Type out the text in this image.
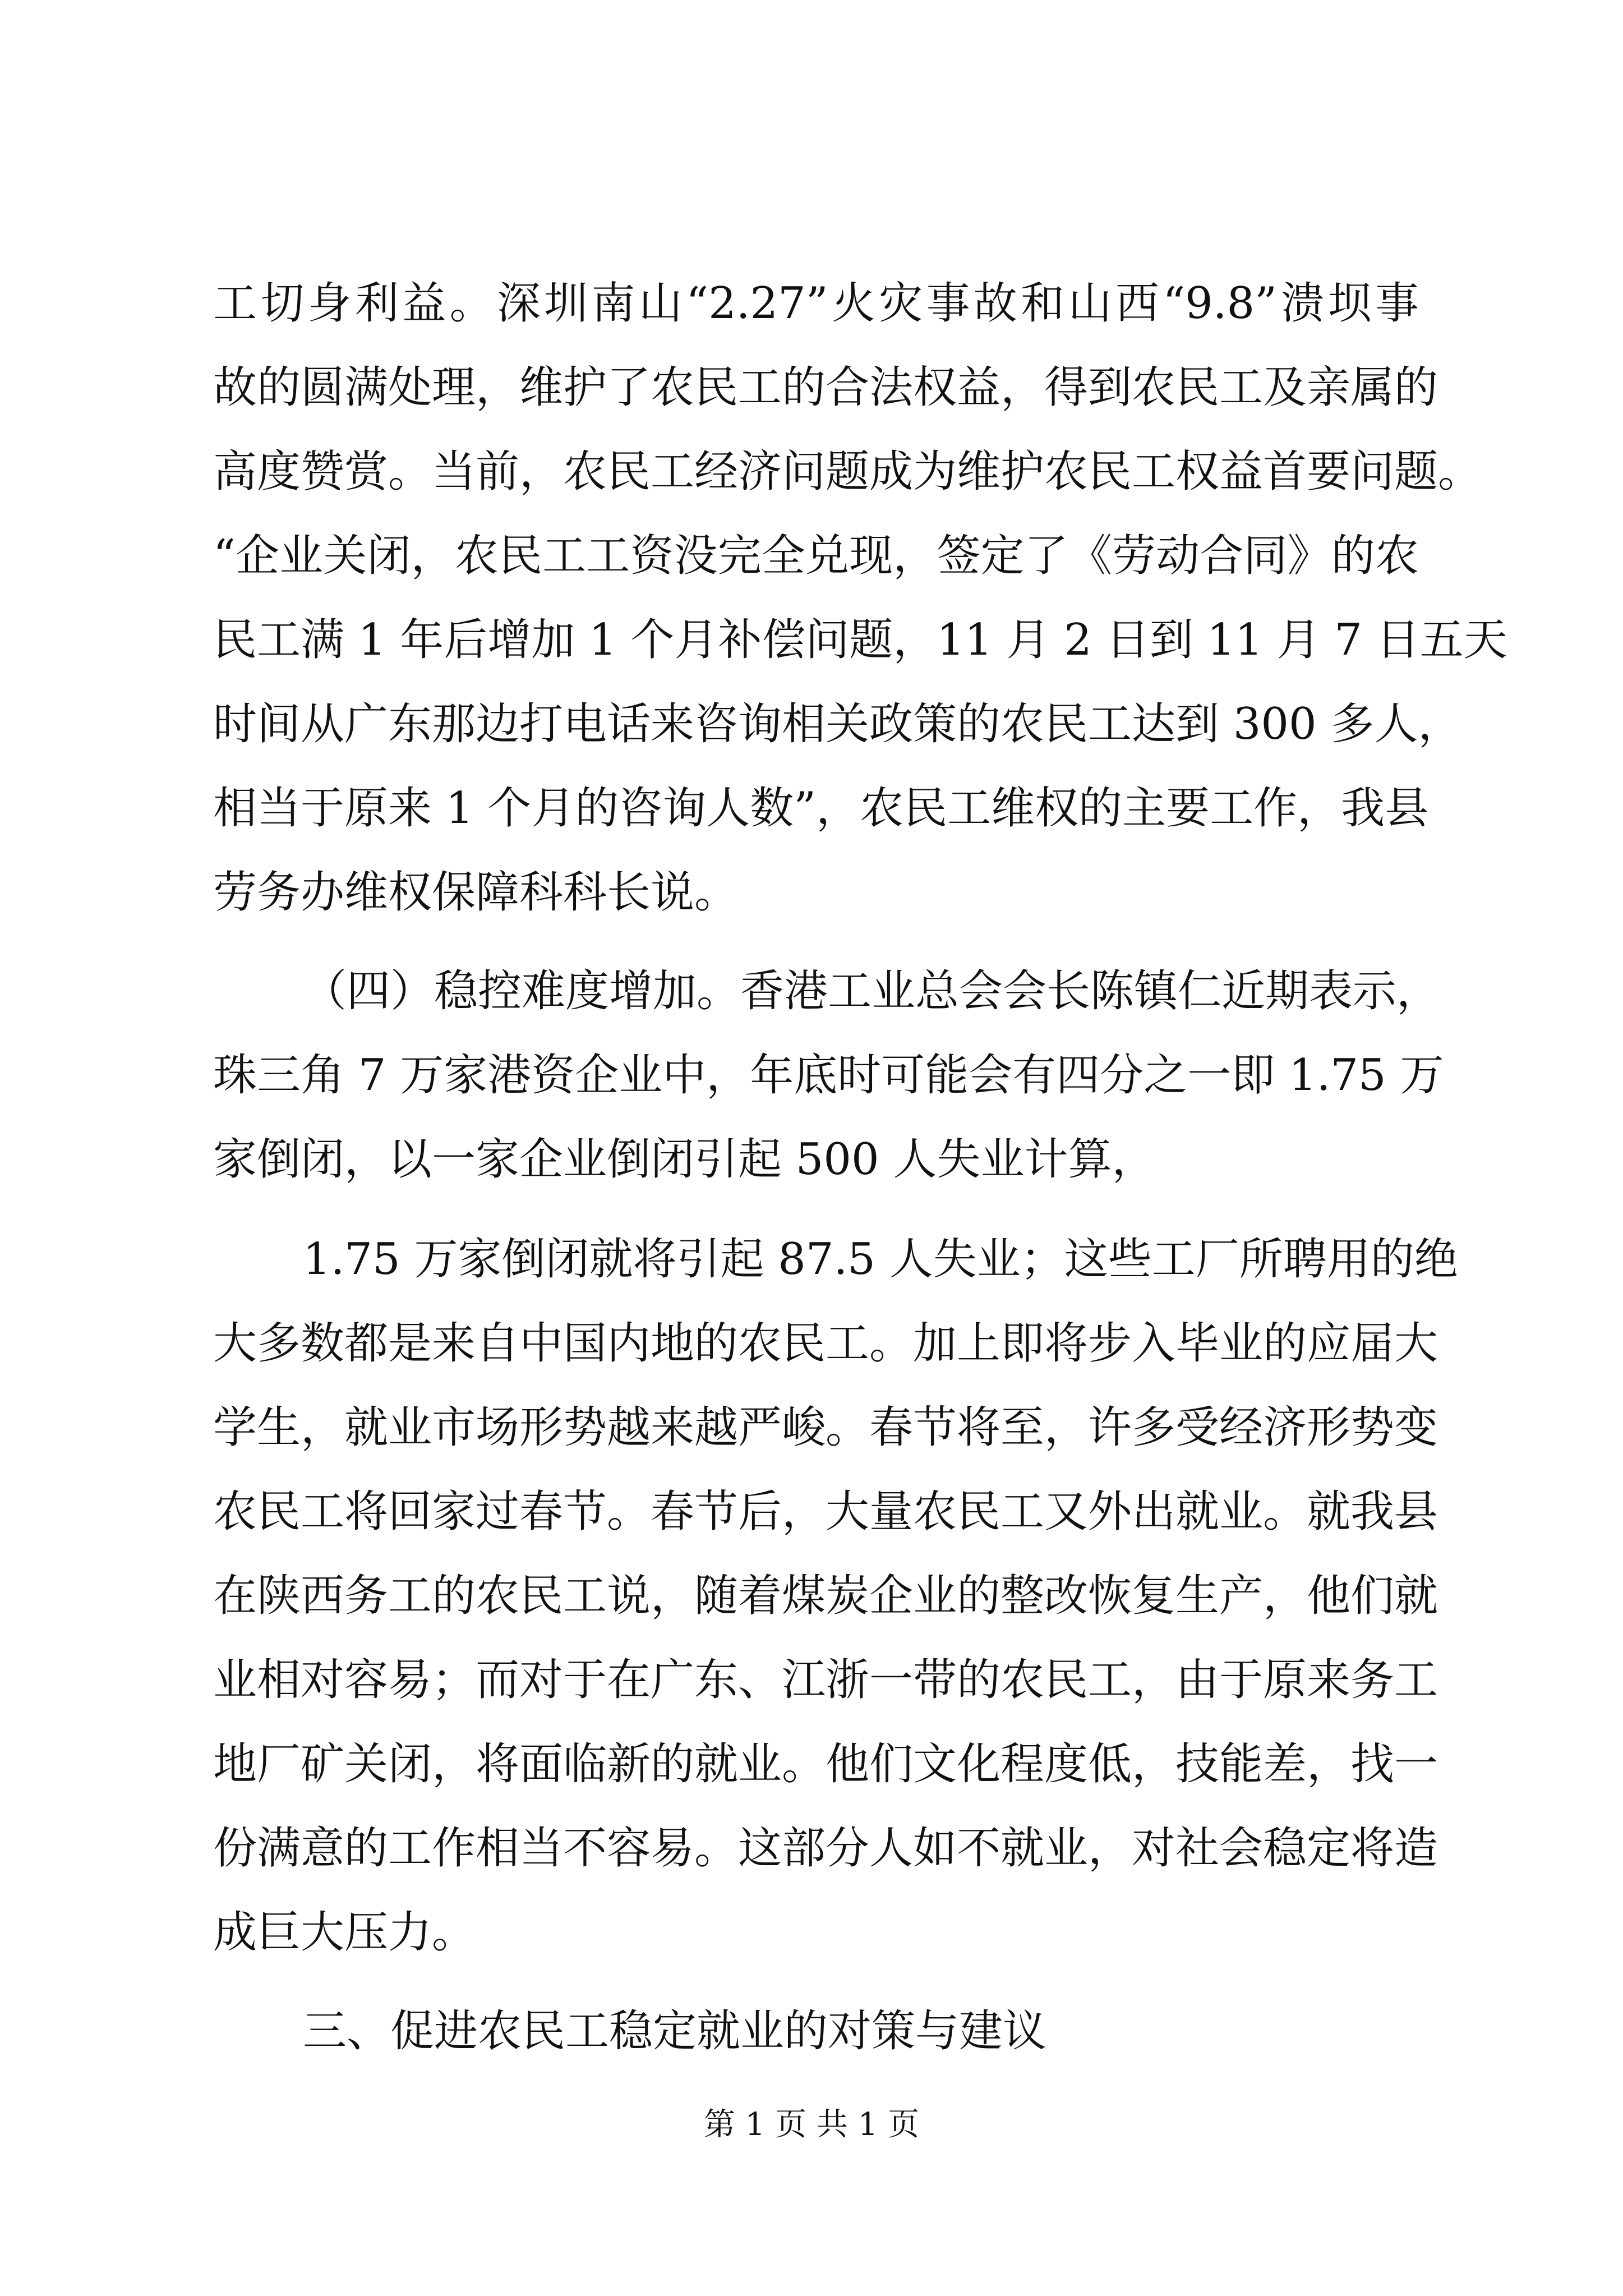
工切身利益。深圳南山“2.27”火灾事故和山西“9.8”溃坝事
故的圆满处理，维护了农民工的合法权益，得到农民工及亲属的
高度赞赏。当前，农民工经济问题成为维护农民工权益首要问题。
“企业关闭，农民工工资没完全兑现，签定了《劳动合同》的农
民工满 1 年后增加 1 个月补偿问题，11 月 2 日到 11 月 7 日五天
时间从广东那边打电话来咨询相关政策的农民工达到 300 多人，
相当于原来 1 个月的咨询人数”，农民工维权的主要工作，我县
劳务办维权保障科科长说。
（四）稳控难度增加。香港工业总会会长陈镇仁近期表示，
珠三角 7 万家港资企业中，年底时可能会有四分之一即 1.75 万
家倒闭，以一家企业倒闭引起 500 人失业计算，
1.75 万家倒闭就将引起 87.5 人失业；这些工厂所聘用的绝
大多数都是来自中国内地的农民工。加上即将步入毕业的应届大
学生，就业市场形势越来越严峻。春节将至，许多受经济形势变
农民工将回家过春节。春节后，大量农民工又外出就业。就我县
在陕西务工的农民工说，随着煤炭企业的整改恢复生产，他们就
业相对容易；而对于在广东、江浙一带的农民工，由于原来务工
地厂矿关闭，将面临新的就业。他们文化程度低，技能差，找一
份满意的工作相当不容易。这部分人如不就业，对社会稳定将造
成巨大压力。
三、促进农民工稳定就业的对策与建议
第 1 页 共 1 页
